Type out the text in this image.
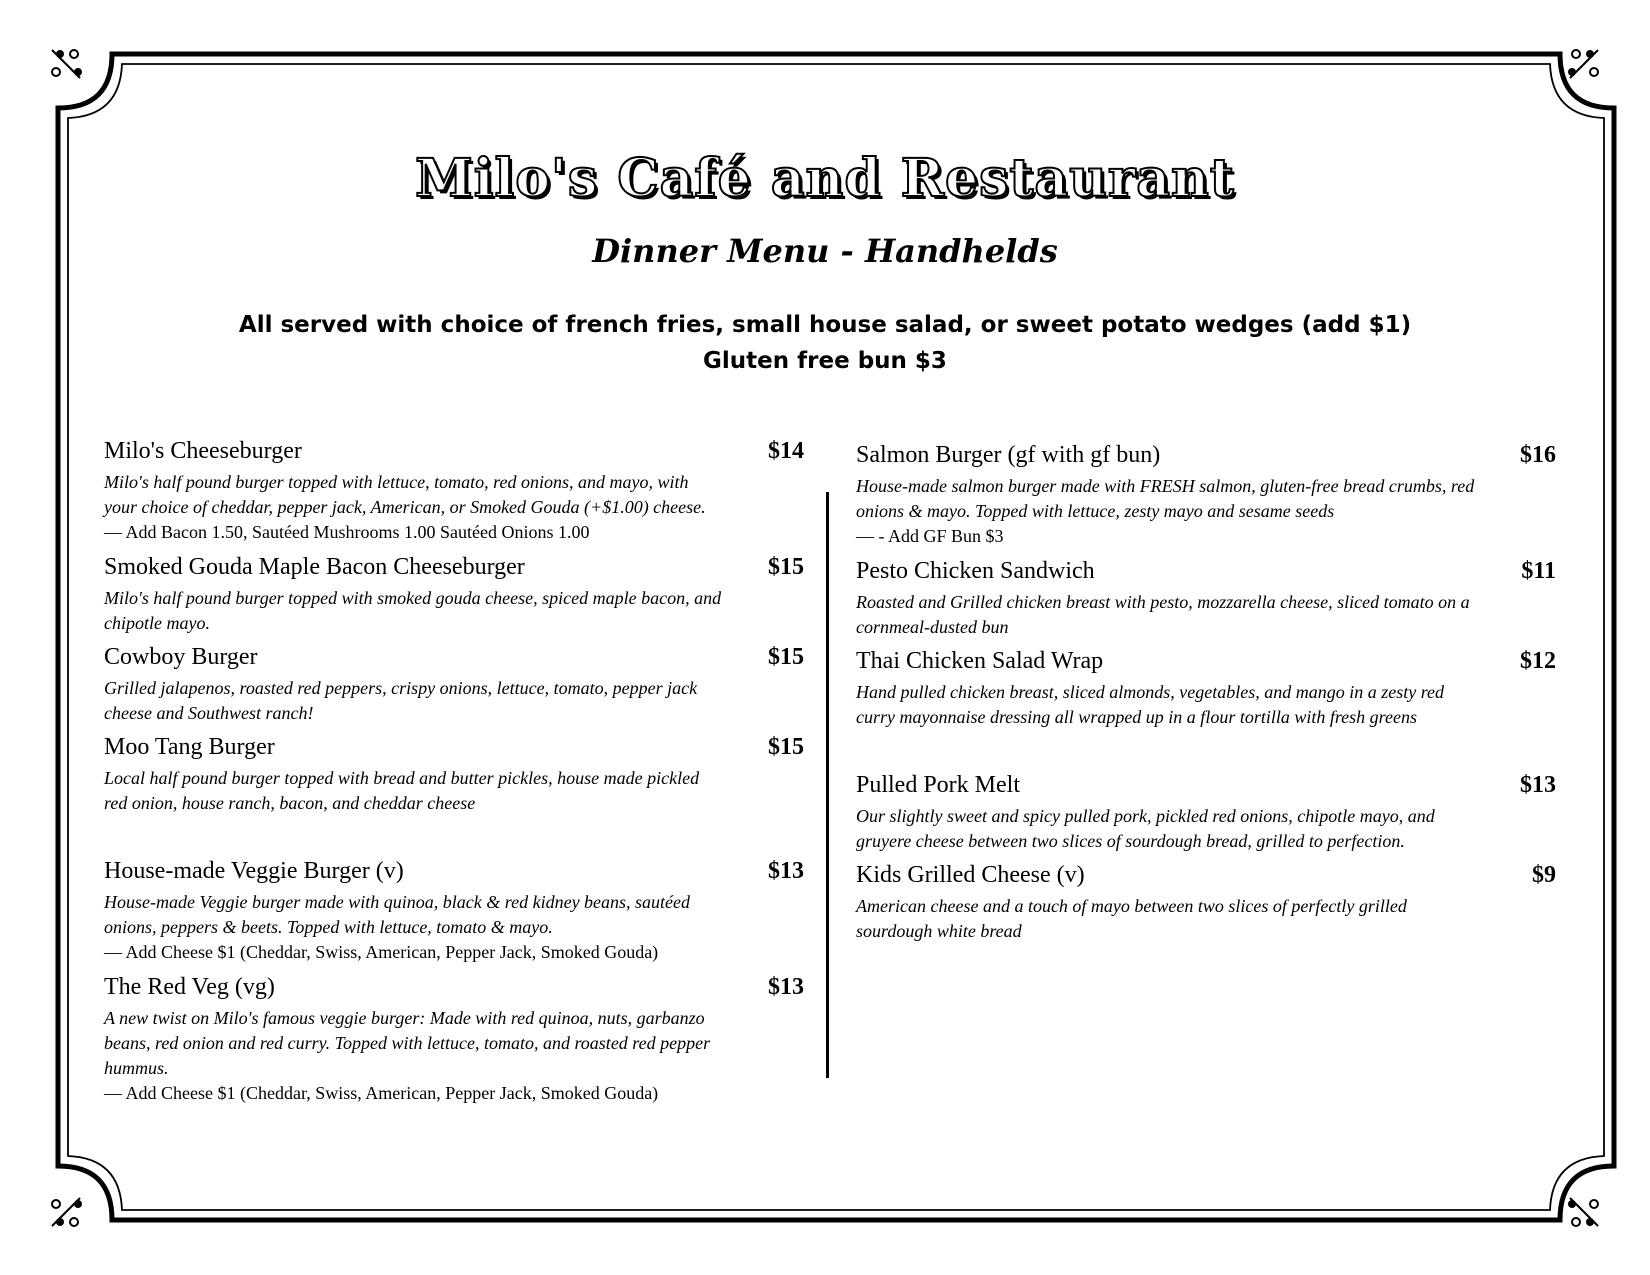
Milo's Café and Restaurant
Dinner Menu - Handhelds
All served with choice of french fries, small house salad, or sweet potato wedges (add $1)
Gluten free bun $3
Milo's Cheeseburger	$14
Milo's half pound burger topped with lettuce, tomato, red onions, and mayo, with your choice of cheddar, pepper jack, American, or Smoked Gouda (+$1.00) cheese.
— Add Bacon 1.50, Sautéed Mushrooms 1.00 Sautéed Onions 1.00
Smoked Gouda Maple Bacon Cheeseburger	$15
Milo's half pound burger topped with smoked gouda cheese, spiced maple bacon, and chipotle mayo.
Cowboy Burger	$15
Grilled jalapenos, roasted red peppers, crispy onions, lettuce, tomato, pepper jack cheese and Southwest ranch!
Moo Tang Burger	$15
Local half pound burger topped with bread and butter pickles, house made pickled red onion, house ranch, bacon, and cheddar cheese
House-made Veggie Burger (v)	$13
House-made Veggie burger made with quinoa, black & red kidney beans, sautéed onions, peppers & beets. Topped with lettuce, tomato & mayo.
— Add Cheese $1 (Cheddar, Swiss, American, Pepper Jack, Smoked Gouda)
The Red Veg (vg)	$13
A new twist on Milo's famous veggie burger: Made with red quinoa, nuts, garbanzo beans, red onion and red curry. Topped with lettuce, tomato, and roasted red pepper hummus.
— Add Cheese $1 (Cheddar, Swiss, American, Pepper Jack, Smoked Gouda)
Salmon Burger (gf with gf bun)	$16
House-made salmon burger made with FRESH salmon, gluten-free bread crumbs, red onions & mayo. Topped with lettuce, zesty mayo and sesame seeds
— - Add GF Bun $3
Pesto Chicken Sandwich	$11
Roasted and Grilled chicken breast with pesto, mozzarella cheese, sliced tomato on a cornmeal-dusted bun
Thai Chicken Salad Wrap	$12
Hand pulled chicken breast, sliced almonds, vegetables, and mango in a zesty red curry mayonnaise dressing all wrapped up in a flour tortilla with fresh greens
Pulled Pork Melt	$13
Our slightly sweet and spicy pulled pork, pickled red onions, chipotle mayo, and gruyere cheese between two slices of sourdough bread, grilled to perfection.
Kids Grilled Cheese (v)	$9
American cheese and a touch of mayo between two slices of perfectly grilled sourdough white bread
